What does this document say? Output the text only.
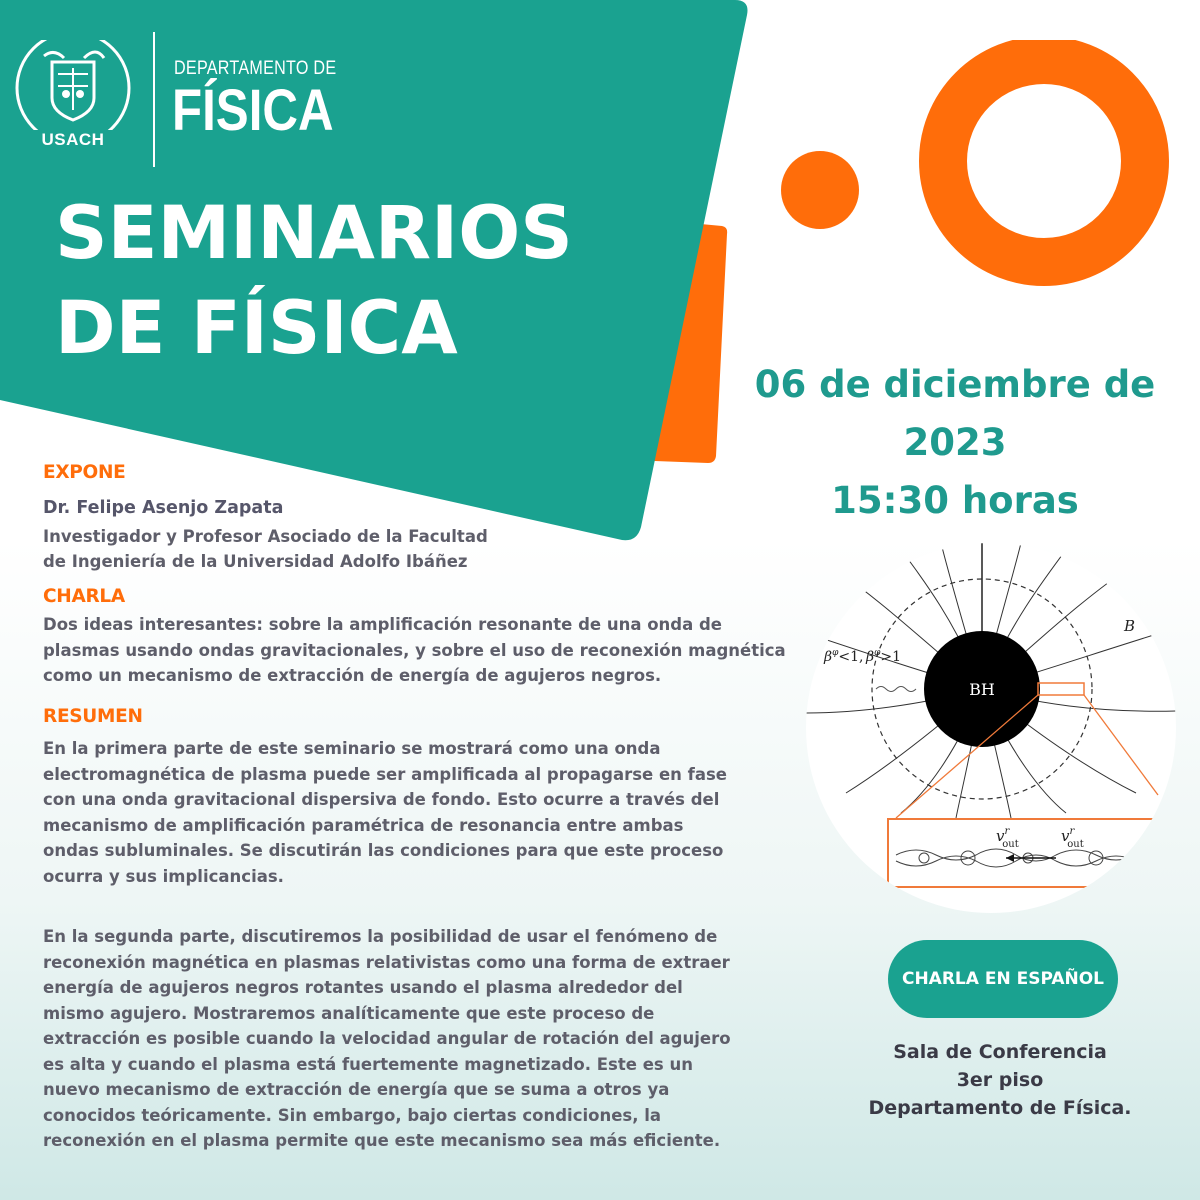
USACH
DEPARTAMENTO DE
FÍSICA
SEMINARIOS
DE FÍSICA
06 de diciembre de
2023
15:30 horas
EXPONE
Dr. Felipe Asenjo Zapata
Investigador y Profesor Asociado de la Facultad
de Ingeniería de la Universidad Adolfo Ibáñez
CHARLA
Dos ideas interesantes: sobre la amplificación resonante de una onda de
plasmas usando ondas gravitacionales, y sobre el uso de reconexión magnética
como un mecanismo de extracción de energía de agujeros negros.
RESUMEN
En la primera parte de este seminario se mostrará como una onda
electromagnética de plasma puede ser amplificada al propagarse en fase
con una onda gravitacional dispersiva de fondo. Esto ocurre a través del
mecanismo de amplificación paramétrica de resonancia entre ambas
ondas subluminales. Se discutirán las condiciones para que este proceso
ocurra y sus implicancias.
En la segunda parte, discutiremos la posibilidad de usar el fenómeno de
reconexión magnética en plasmas relativistas como una forma de extraer
energía de agujeros negros rotantes usando el plasma alrededor del
mismo agujero. Mostraremos analíticamente que este proceso de
extracción es posible cuando la velocidad angular de rotación del agujero
es alta y cuando el plasma está fuertemente magnetizado. Este es un
nuevo mecanismo de extracción de energía que se suma a otros ya
conocidos teóricamente. Sin embargo, bajo ciertas condiciones, la
reconexión en el plasma permite que este mecanismo sea más eficiente.
BH
B
$\beta^\varphi<1$, $\beta^\varphi>1$
$v^r$ out	$v^r$ out
CHARLA EN ESPAÑOL
Sala de Conferencia
3er piso
Departamento de Física.
